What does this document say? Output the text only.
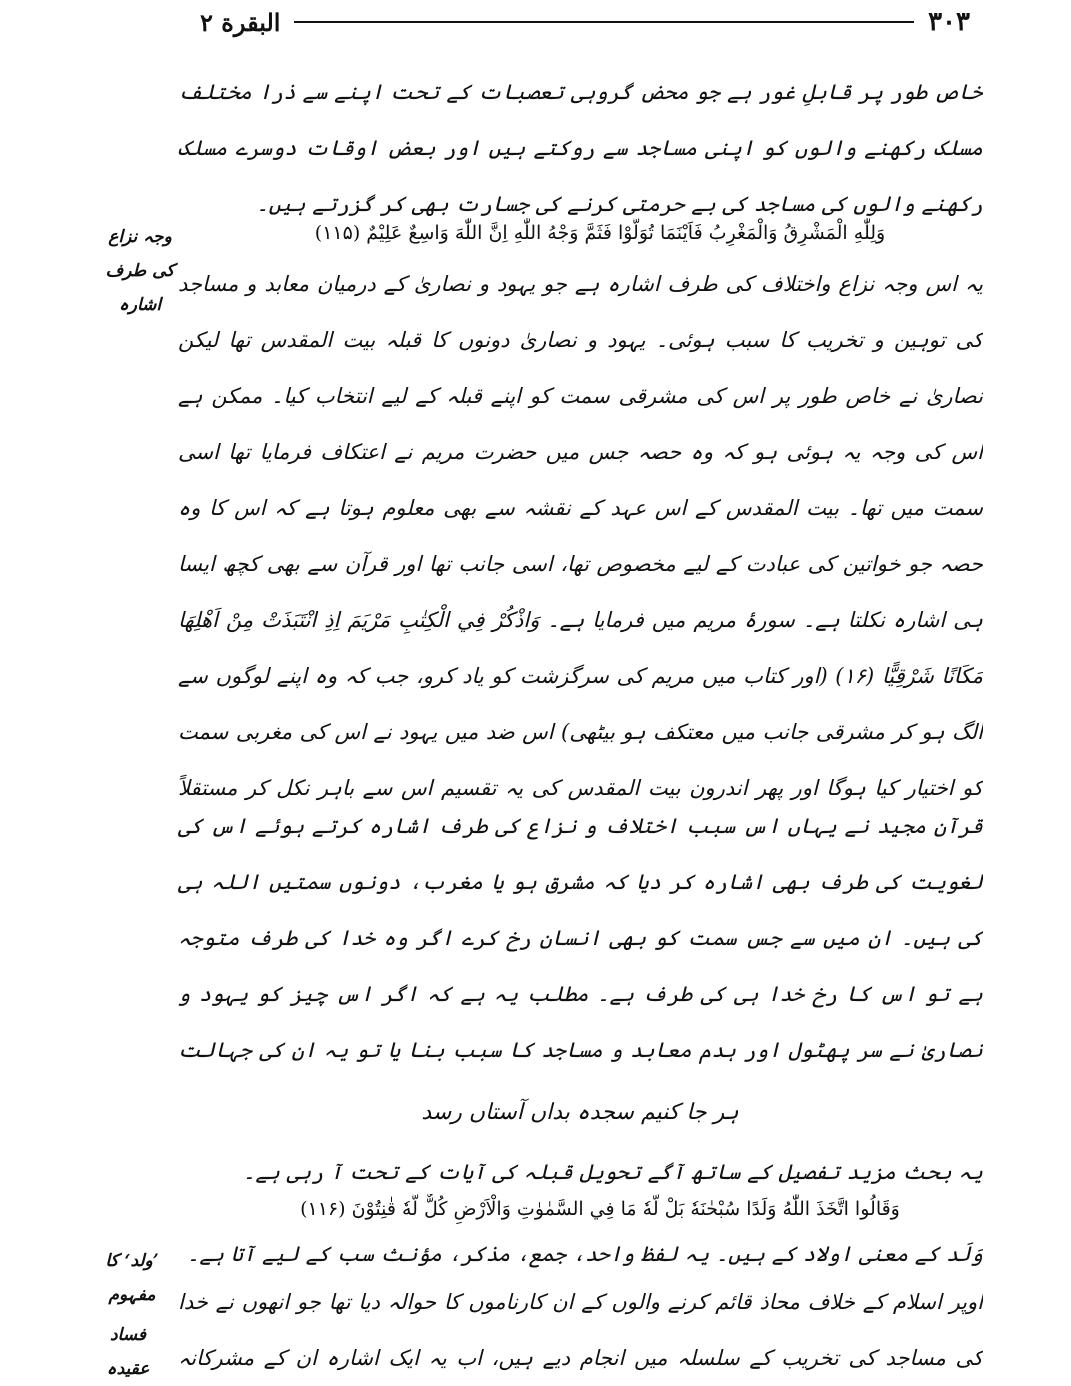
البقرة ۲	۳۰۳
خاص طور پر قابلِ غور ہے جو محض گروہی تعصبات کے تحت اپنے سے ذرا مختلف مسلک رکھنے والوں کو اپنی مساجد سے روکتے ہیں اور بعض اوقات دوسرے مسلک رکھنے والوں کی مساجد کی بے حرمتی کرنے کی جسارت بھی کر گزرتے ہیں۔
وَلِلّٰهِ الْمَشْرِقُ وَالْمَغْرِبُ فَاَيْنَمَا تُوَلُّوْا فَثَمَّ وَجْهُ اللّٰهِ اِنَّ اللّٰهَ وَاسِعٌ عَلِيْمٌ (۱۱۵)
یہ اس وجہ نزاع واختلاف کی طرف اشارہ ہے جو یہود و نصاریٰ کے درمیان معابد و مساجد کی توہین و تخریب کا سبب ہوئی۔ یہود و نصاریٰ دونوں کا قبلہ بیت المقدس تھا لیکن نصاریٰ نے خاص طور پر اس کی مشرقی سمت کو اپنے قبلہ کے لیے انتخاب کیا۔ ممکن ہے اس کی وجہ یہ ہوئی ہو کہ وہ حصہ جس میں حضرت مریم نے اعتکاف فرمایا تھا اسی سمت میں تھا۔ بیت المقدس کے اس عہد کے نقشہ سے بھی معلوم ہوتا ہے کہ اس کا وہ حصہ جو خواتین کی عبادت کے لیے مخصوص تھا، اسی جانب تھا اور قرآن سے بھی کچھ ایسا ہی اشارہ نکلتا ہے۔ سورۂ مریم میں فرمایا ہے۔ وَاذْكُرْ فِي الْكِتٰبِ مَرْيَمَ اِذِ انْتَبَذَتْ مِنْ اَهْلِهَا مَكَانًا شَرْقِيًّا (۱۶) (اور کتاب میں مریم کی سرگزشت کو یاد کرو، جب کہ وہ اپنے لوگوں سے الگ ہو کر مشرقی جانب میں معتکف ہو بیٹھی) اس ضد میں یہود نے اس کی مغربی سمت کو اختیار کیا ہوگا اور پھر اندرون بیت المقدس کی یہ تقسیم اس سے باہر نکل کر مستقلاً
قرآن مجید نے یہاں اس سبب اختلاف و نزاع کی طرف اشارہ کرتے ہوئے اس کی لغویت کی طرف بھی اشارہ کر دیا کہ مشرق ہو یا مغرب، دونوں سمتیں اللہ ہی کی ہیں۔ ان میں سے جس سمت کو بھی انسان رخ کرے اگر وہ خدا کی طرف متوجہ ہے تو اس کا رخ خدا ہی کی طرف ہے۔ مطلب یہ ہے کہ اگر اس چیز کو یہود و نصاریٰ نے سر پھٹول اور ہدم معابد و مساجد کا سبب بنا یا تو یہ ان کی جہالت
ہر جا کنیم سجدہ بداں آستاں رسد
یہ بحث مزید تفصیل کے ساتھ آگے تحویل قبلہ کی آیات کے تحت آ رہی ہے۔
وَقَالُوا اتَّخَذَ اللّٰهُ وَلَدًا سُبْحٰنَهٗ بَلْ لَّهٗ مَا فِي السَّمٰوٰتِ وَالْاَرْضِ كُلٌّ لَّهٗ قٰنِتُوْنَ (۱۱۶)
وَلَد کے معنی اولاد کے ہیں۔ یہ لفظ واحد، جمع، مذکر، مؤنث سب کے لیے آتا ہے۔
اوپر اسلام کے خلاف محاذ قائم کرنے والوں کے ان کارناموں کا حوالہ دیا تھا جو انھوں نے خدا کی مساجد کی تخریب کے سلسلہ میں انجام دیے ہیں، اب یہ ایک اشارہ ان کے مشرکانہ
وجہ نزاع کی طرف اشارہ
’ولد‘ کا مفہوم
فساد عقیدہ
